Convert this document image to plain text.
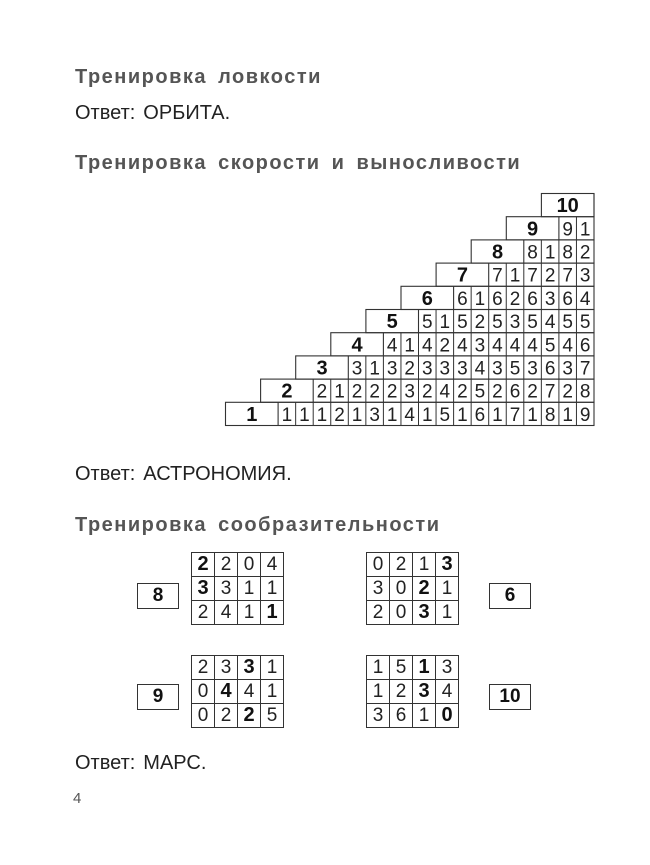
Тренировка ловкости

Ответ: ОРБИТА.

Тренировка скорости и выносливости
10
9 9 1
8 8 1 8 2
7 7 1 7 2 7 3
6 6 1 6 2 6 3 6 4
5 5 1 5 2 5 3 5 4 5 5
4 4 1 4 2 4 3 4 4 4 5 4 6
3 3 1 3 2 3 3 3 4 3 5 3 6 3 7
2 2 1 2 2 2 3 2 4 2 5 2 6 2 7 2 8
1 1 1 1 2 1 3 1 4 1 5 1 6 1 7 1 8 1 9

Ответ: АСТРОНОМИЯ.

Тренировка сообразительности
2	2	0	4
3	3	1	1
2	4	1	1
8
0	2	1	3
3	0	2	1
2	0	3	1
6
2	3	3	1
0	4	4	1
0	2	2	5
9
1	5	1	3
1	2	3	4
3	6	1	0
10

Ответ: МАРС.

4
